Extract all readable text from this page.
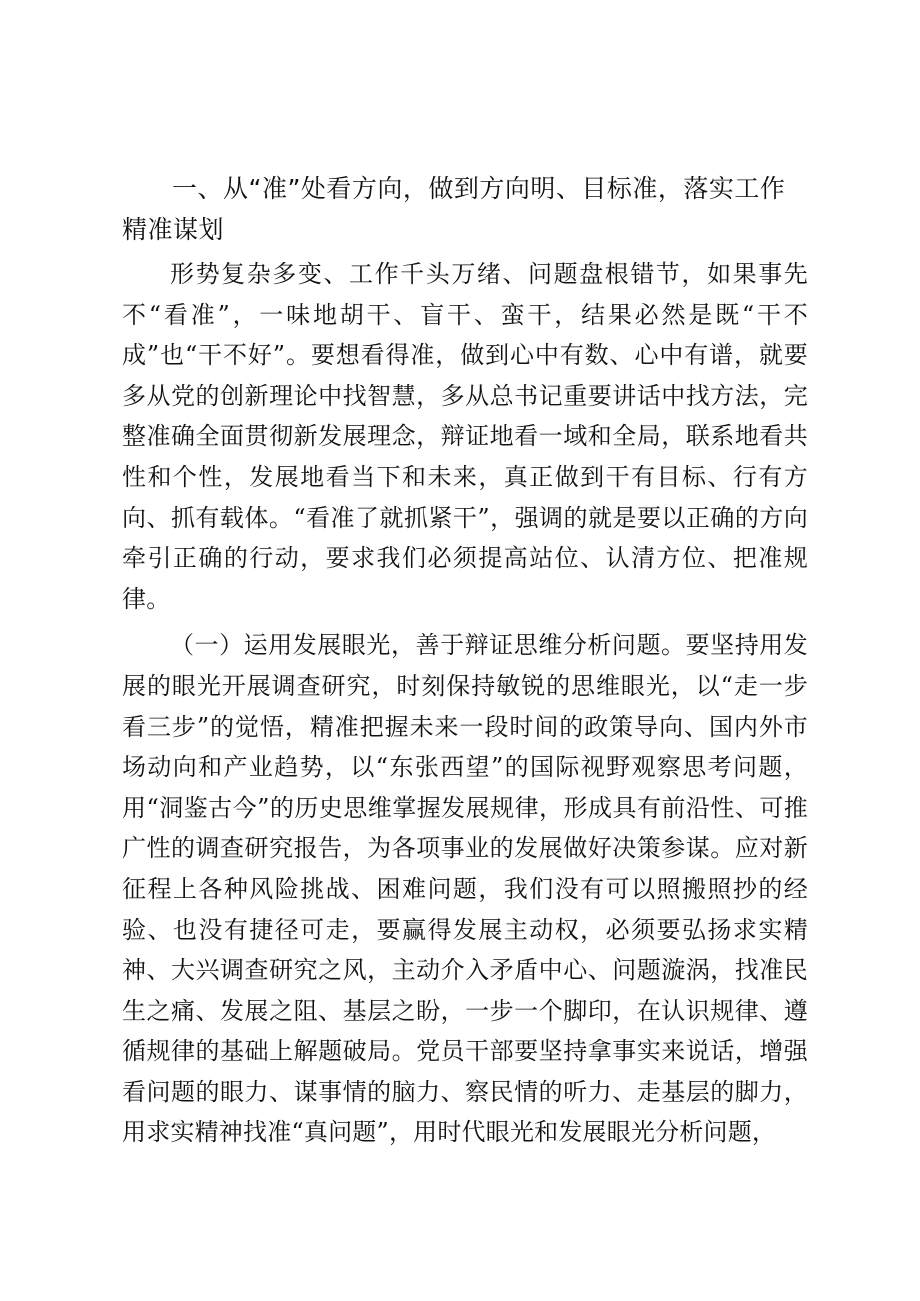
一、从“准”处看方向，做到方向明、目标准，落实工作精准谋划

形势复杂多变、工作千头万绪、问题盘根错节，如果事先不“看准”，一味地胡干、盲干、蛮干，结果必然是既“干不成”也“干不好”。要想看得准，做到心中有数、心中有谱，就要多从党的创新理论中找智慧，多从总书记重要讲话中找方法，完整准确全面贯彻新发展理念，辩证地看一域和全局，联系地看共性和个性，发展地看当下和未来，真正做到干有目标、行有方向、抓有载体。“看准了就抓紧干”，强调的就是要以正确的方向牵引正确的行动，要求我们必须提高站位、认清方位、把准规律。

（一）运用发展眼光，善于辩证思维分析问题。要坚持用发展的眼光开展调查研究，时刻保持敏锐的思维眼光，以“走一步看三步”的觉悟，精准把握未来一段时间的政策导向、国内外市场动向和产业趋势，以“东张西望”的国际视野观察思考问题，用“洞鉴古今”的历史思维掌握发展规律，形成具有前沿性、可推广性的调查研究报告，为各项事业的发展做好决策参谋。应对新征程上各种风险挑战、困难问题，我们没有可以照搬照抄的经验、也没有捷径可走，要赢得发展主动权，必须要弘扬求实精神、大兴调查研究之风，主动介入矛盾中心、问题漩涡，找准民生之痛、发展之阻、基层之盼，一步一个脚印，在认识规律、遵循规律的基础上解题破局。党员干部要坚持拿事实来说话，增强看问题的眼力、谋事情的脑力、察民情的听力、走基层的脚力，用求实精神找准“真问题”，用时代眼光和发展眼光分析问题，
